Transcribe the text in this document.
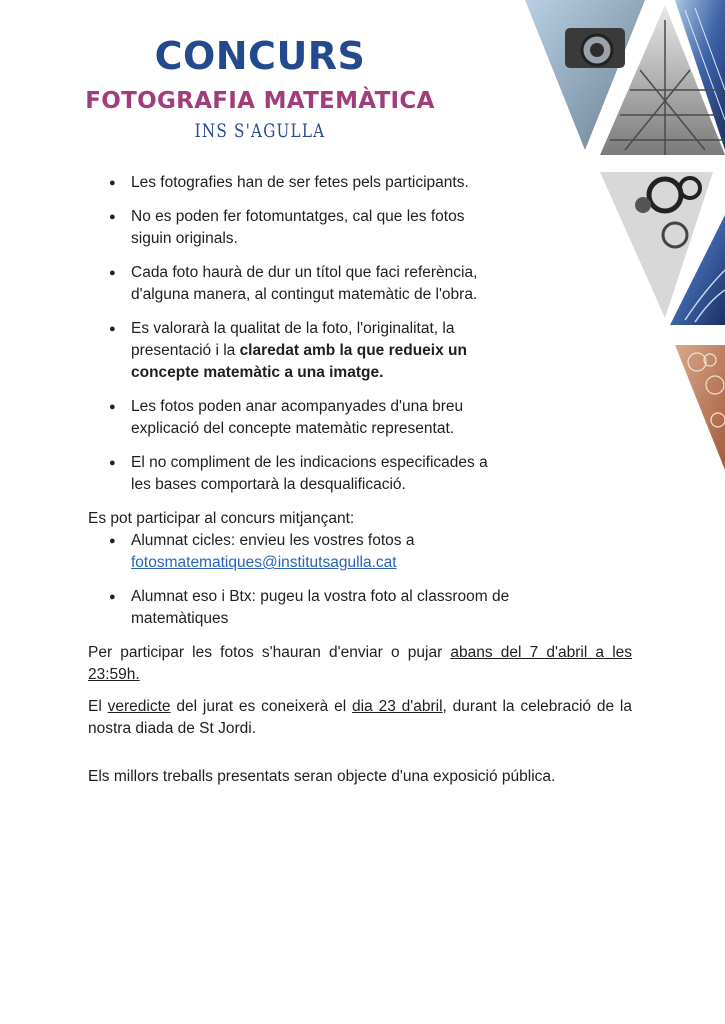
CONCURS
FOTOGRAFIA MATEMÀTICA
INS S'AGULLA
● Les fotografies han de ser fetes pels participants.
● No es poden fer fotomuntatges, cal que les fotos siguin originals.
● Cada foto haurà de dur un títol que faci referència, d'alguna manera, al contingut matemàtic de l'obra.
● Es valorarà la qualitat de la foto, l'originalitat, la presentació i la claredat amb la que redueix un concepte matemàtic a una imatge.
● Les fotos poden anar acompanyades d'una breu explicació del concepte matemàtic representat.
● El no compliment de les indicacions especificades a les bases comportarà la desqualificació.

Es pot participar al concurs mitjançant:

● Alumnat cicles: envieu les vostres fotos a
fotosmatematiques@institutsagulla.cat
● Alumnat eso i Btx: pugeu la vostra foto al classroom de matemàtiques

Per participar les fotos s'hauran d'enviar o pujar abans del 7 d'abril a les 23:59h.

El veredicte del jurat es coneixerà el dia 23 d'abril, durant la celebració de la nostra diada de St Jordi.

Els millors treballs presentats seran objecte d'una exposició pública.
